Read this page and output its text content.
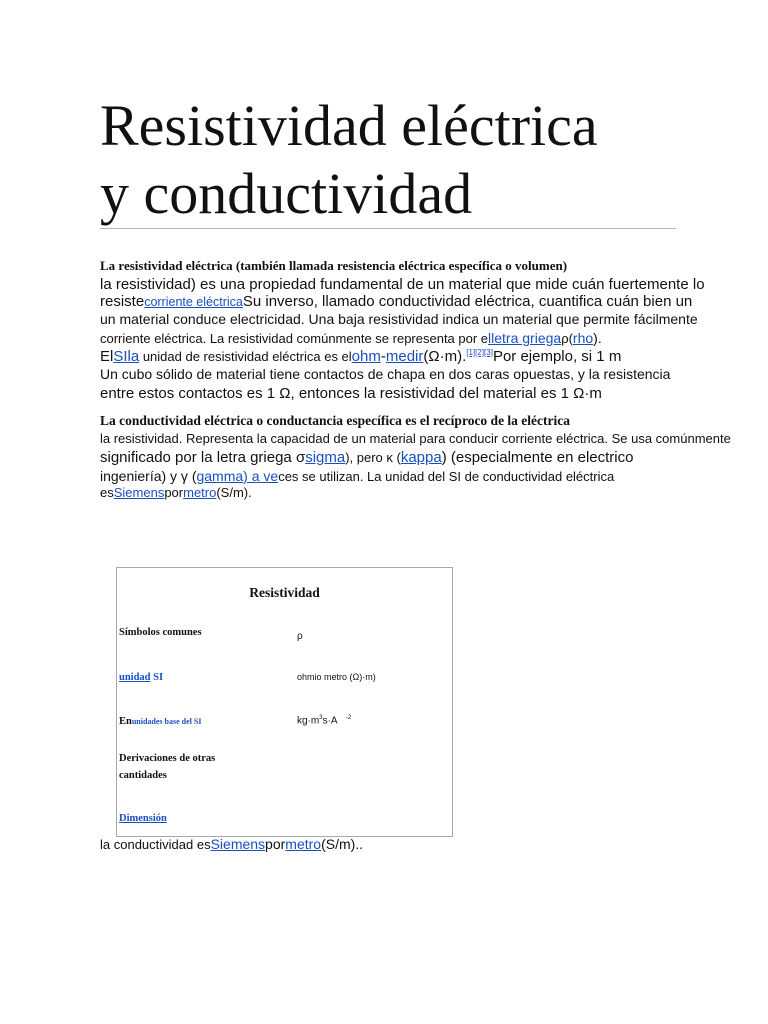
Resistividad eléctrica
y conductividad
La resistividad eléctrica (también llamada resistencia eléctrica específica o volumen)
la resistividad) es una propiedad fundamental de un material que mide cuán fuertemente lo
resistecorriente eléctricaSu inverso, llamado conductividad eléctrica, cuantifica cuán bien un
un material conduce electricidad. Una baja resistividad indica un material que permite fácilmente
corriente eléctrica. La resistividad comúnmente se representa por elletra griegaρ(rho).
ElSIla unidad de resistividad eléctrica es elohm-medir(Ω·m).[1][2][3]Por ejemplo, si 1 m
Un cubo sólido de material tiene contactos de chapa en dos caras opuestas, y la resistencia
entre estos contactos es 1 Ω, entonces la resistividad del material es 1 Ω·m
La conductividad eléctrica o conductancia específica es el recíproco de la eléctrica
la resistividad. Representa la capacidad de un material para conducir corriente eléctrica. Se usa comúnmente
significado por la letra griega σsigma), pero κ (kappa) (especialmente en electrico
ingeniería) y γ (gamma) a veces se utilizan. La unidad del SI de conductividad eléctrica
esSiemenspormetro(S/m).
Resistividad
Símbolos comunes	ρ
unidad SI	ohmio metro (Ω)·m)
Enunidades base del SI	$kg\cdot m^3s\cdot A$ $^{-2}$
Derivaciones de otras cantidades
Dimensión
la conductividad esSiemenspormetro(S/m)..
